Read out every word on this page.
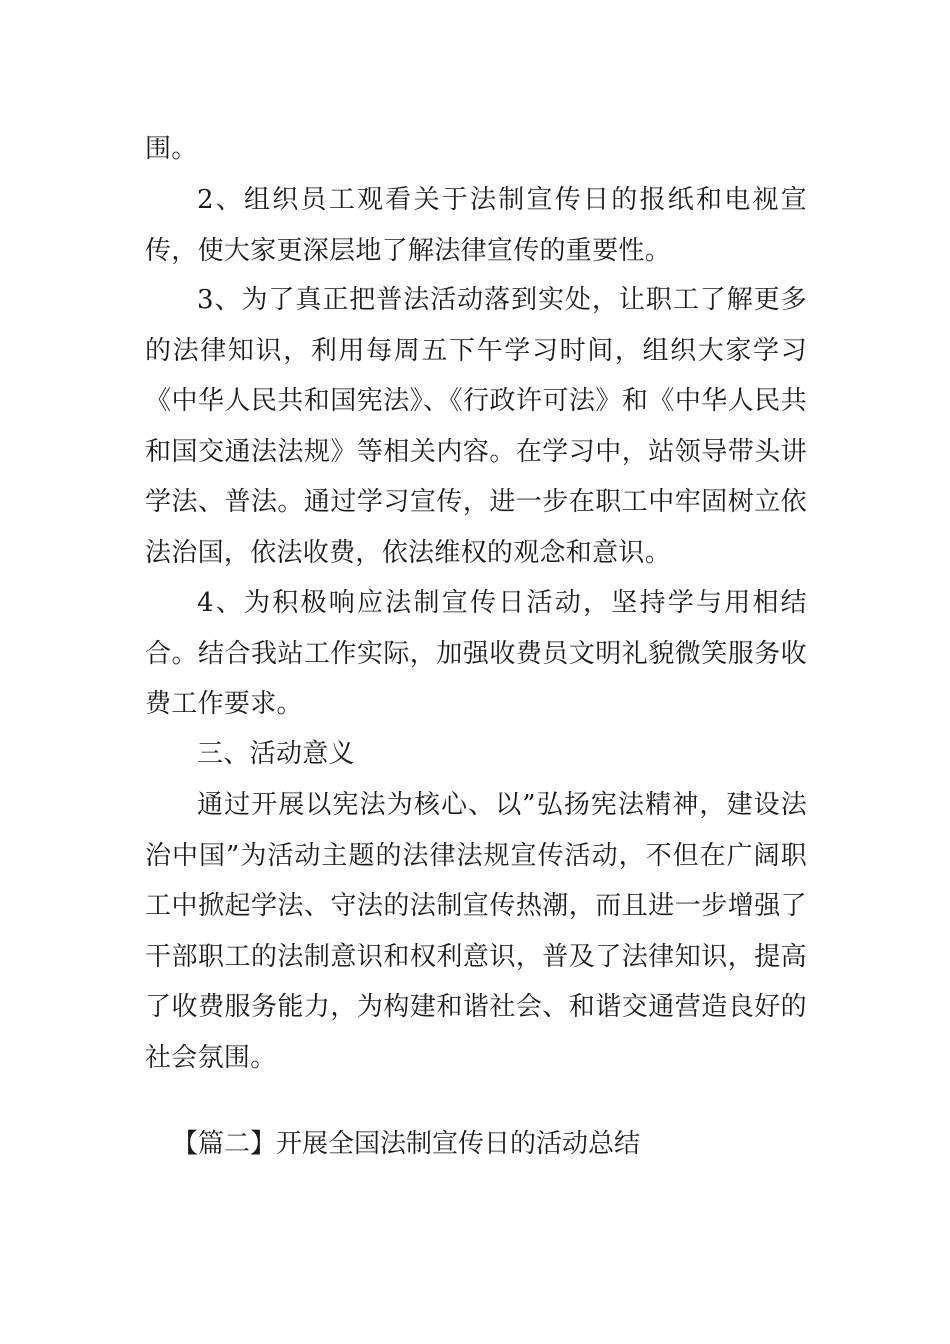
围。
2、组织员工观看关于法制宣传日的报纸和电视宣传，使大家更深层地了解法律宣传的重要性。
3、为了真正把普法活动落到实处，让职工了解更多的法律知识，利用每周五下午学习时间，组织大家学习《中华人民共和国宪法》、《行政许可法》和《中华人民共和国交通法法规》等相关内容。在学习中，站领导带头讲学法、普法。通过学习宣传，进一步在职工中牢固树立依法治国，依法收费，依法维权的观念和意识。
4、为积极响应法制宣传日活动，坚持学与用相结合。结合我站工作实际，加强收费员文明礼貌微笑服务收费工作要求。
三、活动意义
通过开展以宪法为核心、以”弘扬宪法精神，建设法治中国”为活动主题的法律法规宣传活动，不但在广阔职工中掀起学法、守法的法制宣传热潮，而且进一步增强了干部职工的法制意识和权利意识，普及了法律知识，提高了收费服务能力，为构建和谐社会、和谐交通营造良好的社会氛围。
【篇二】开展全国法制宣传日的活动总结
